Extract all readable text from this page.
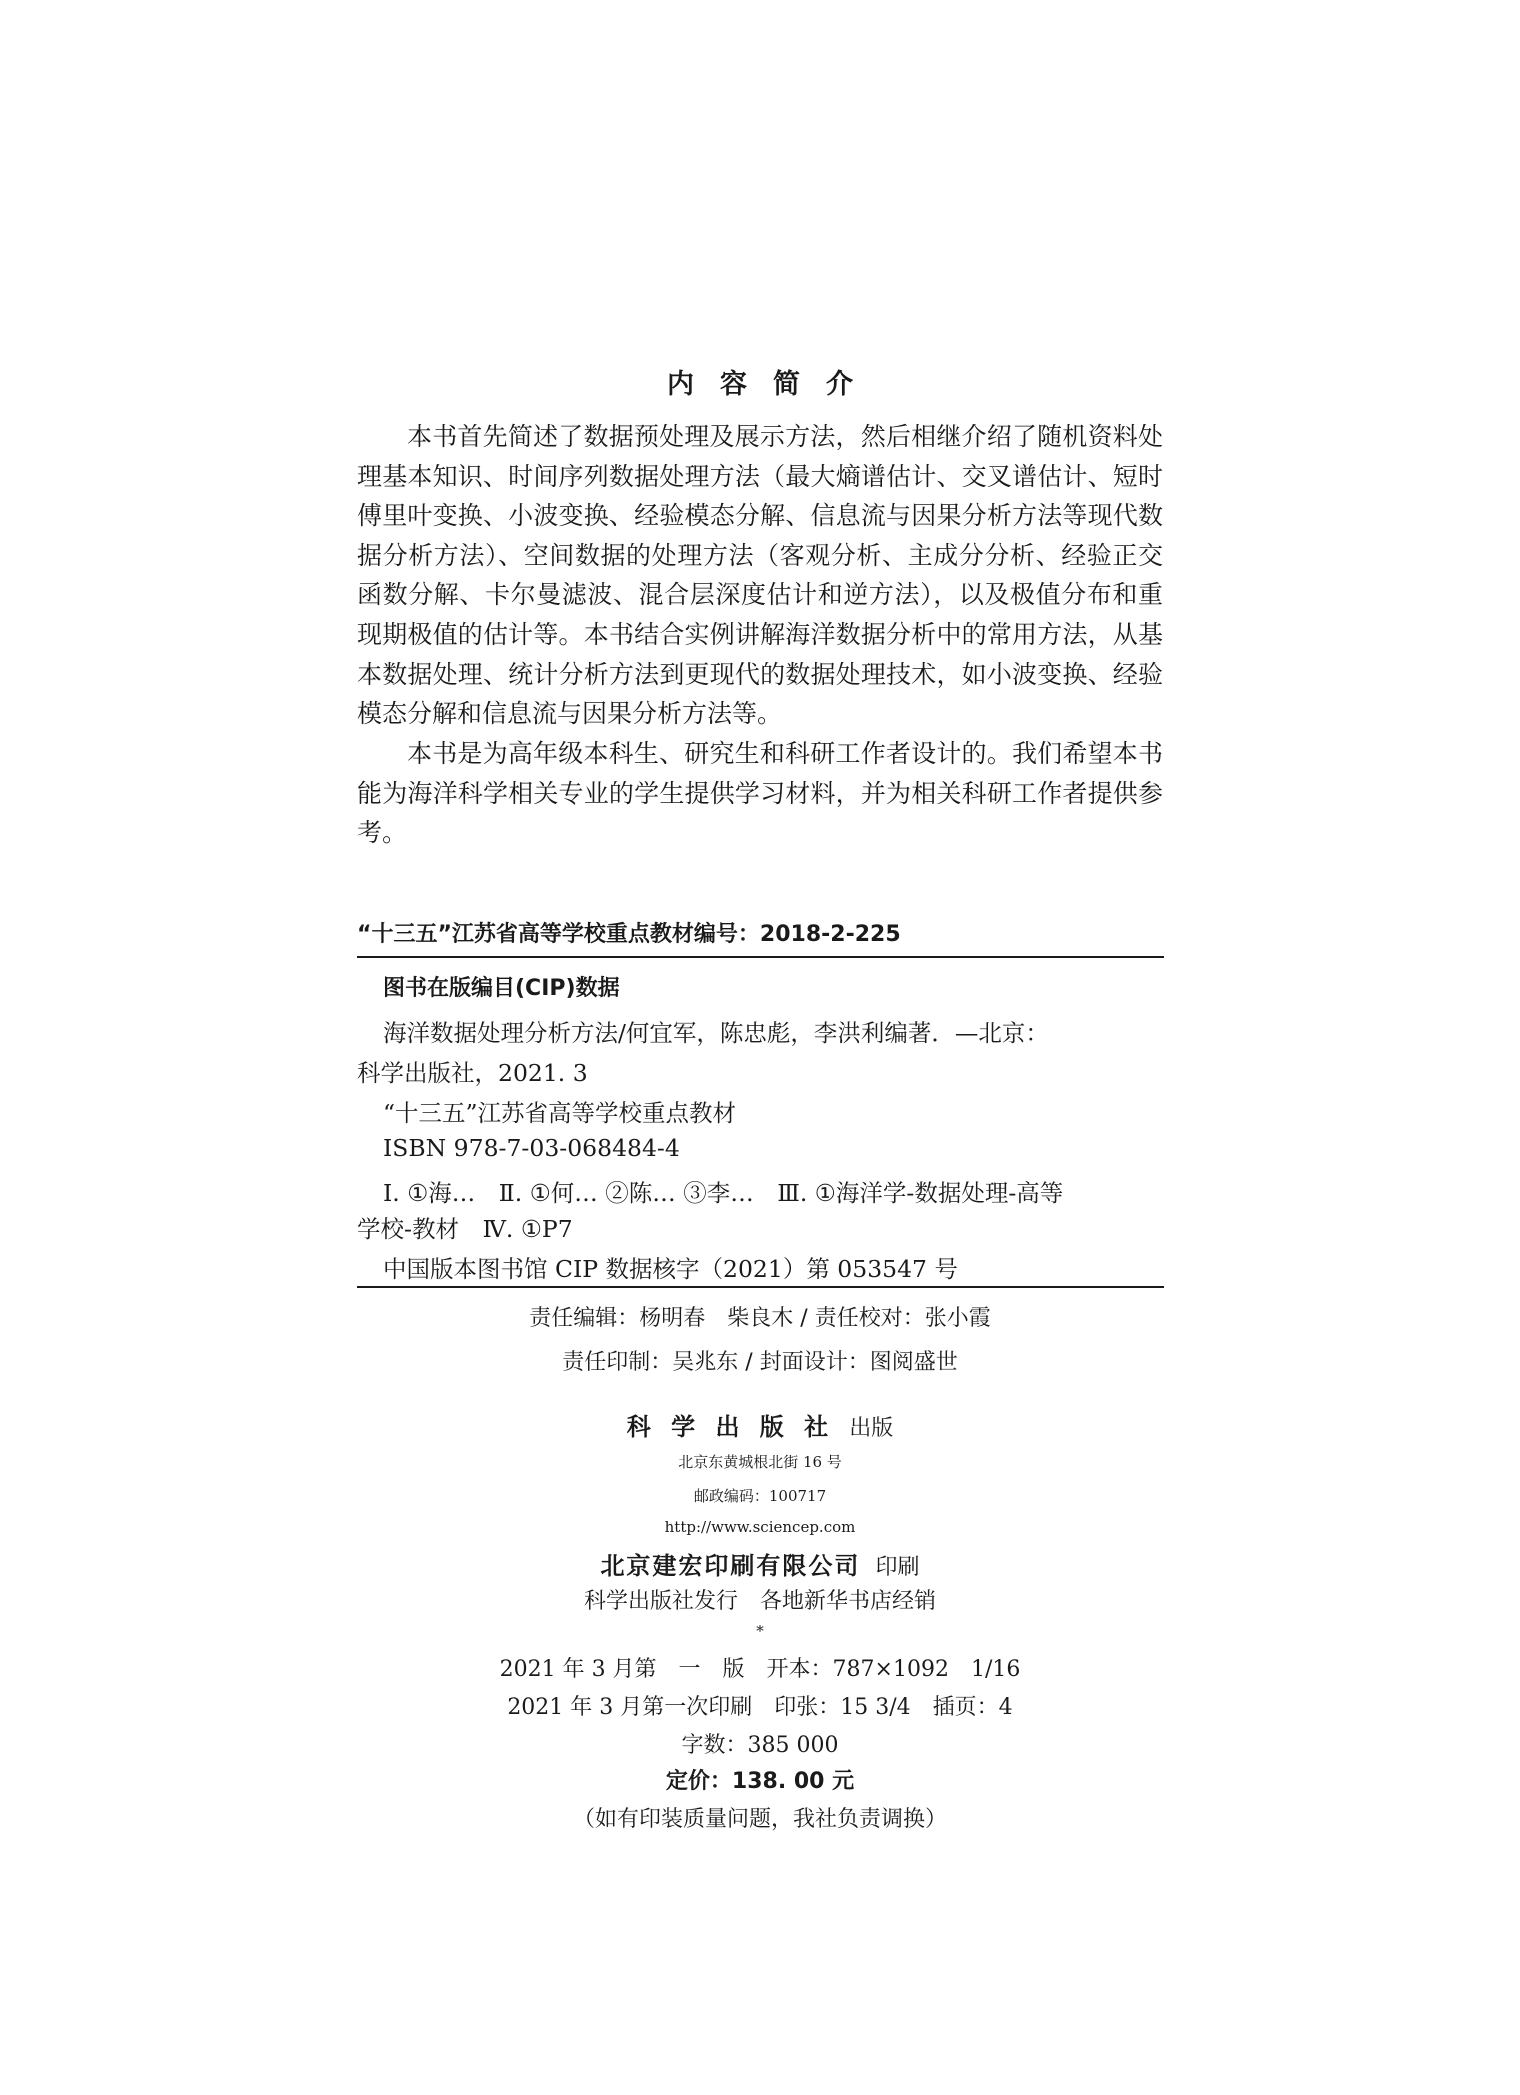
内容简介

本书首先简述了数据预处理及展示方法，然后相继介绍了随机资料处理基本知识、时间序列数据处理方法（最大熵谱估计、交叉谱估计、短时傅里叶变换、小波变换、经验模态分解、信息流与因果分析方法等现代数据分析方法）、空间数据的处理方法（客观分析、主成分分析、经验正交函数分解、卡尔曼滤波、混合层深度估计和逆方法），以及极值分布和重现期极值的估计等。本书结合实例讲解海洋数据分析中的常用方法，从基本数据处理、统计分析方法到更现代的数据处理技术，如小波变换、经验模态分解和信息流与因果分析方法等。

本书是为高年级本科生、研究生和科研工作者设计的。我们希望本书能为海洋科学相关专业的学生提供学习材料，并为相关科研工作者提供参考。

“十三五”江苏省高等学校重点教材编号：2018-2-225
图书在版编目(CIP)数据
海洋数据处理分析方法/何宜军，陈忠彪，李洪利编著．—北京：
科学出版社，2021. 3
“十三五”江苏省高等学校重点教材
ISBN 978-7-03-068484-4
Ⅰ. ①海…　Ⅱ. ①何… ②陈… ③李…　Ⅲ. ①海洋学-数据处理-高等
学校-教材　Ⅳ. ①P7
中国版本图书馆 CIP 数据核字（2021）第 053547 号
责任编辑：杨明春　柴良木 / 责任校对：张小霞
责任印制：吴兆东 / 封面设计：图阅盛世
科 学 出 版 社 出版
北京东黄城根北街 16 号
邮政编码：100717
http://www.sciencep.com
北京建宏印刷有限公司 印刷
科学出版社发行　各地新华书店经销
*
2021 年 3 月第　一　版　开本：787×1092　1/16
2021 年 3 月第一次印刷　印张：15 3/4　插页：4
字数：385 000
定价：138. 00 元
（如有印装质量问题，我社负责调换）
